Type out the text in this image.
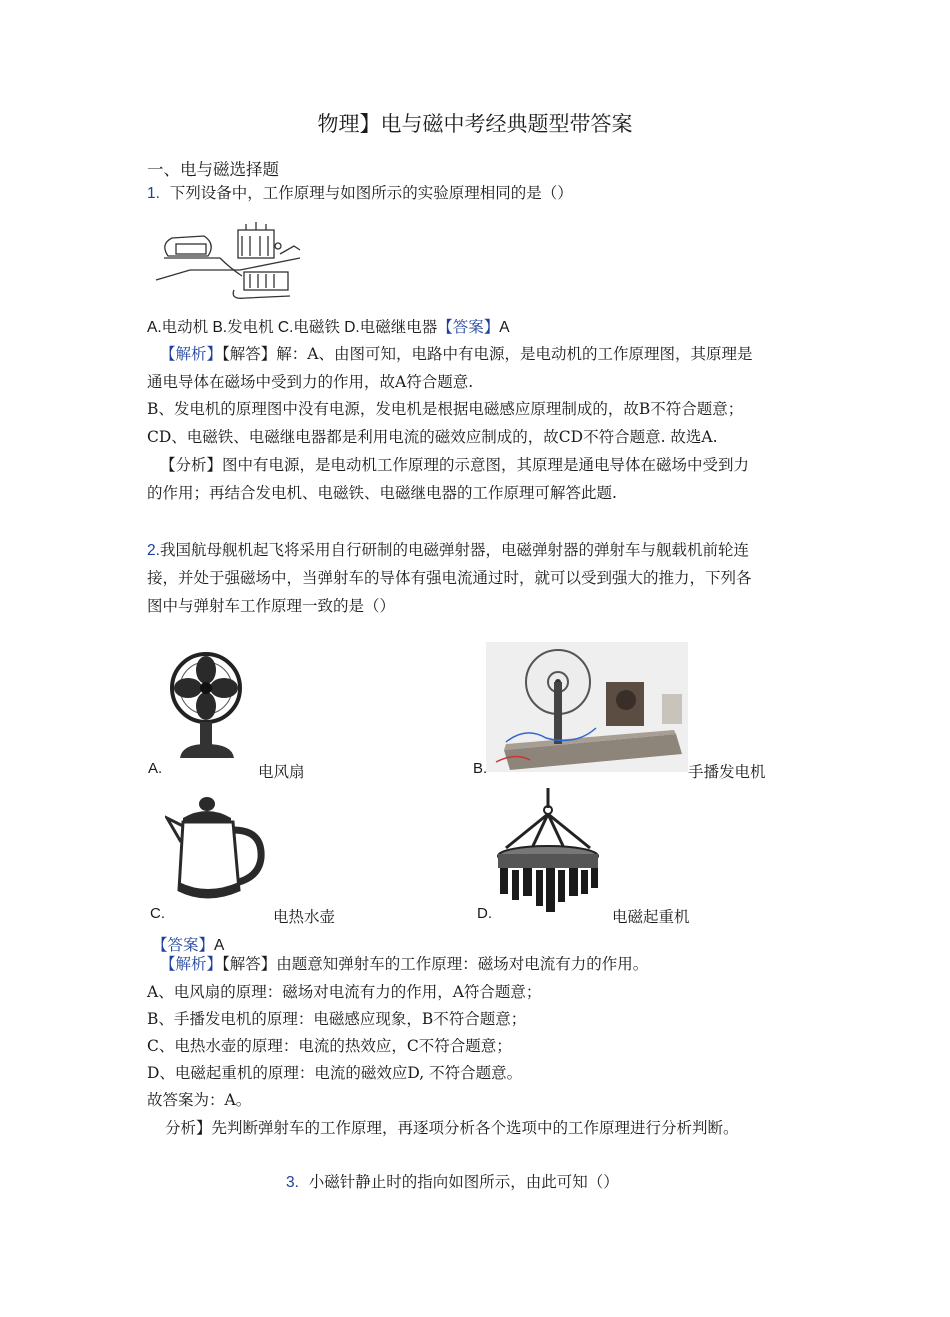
物理】电与磁中考经典题型带答案
一、电与磁选择题
1. 下列设备中，工作原理与如图所示的实验原理相同的是（）
A.电动机 B.发电机 C.电磁铁 D.电磁继电器【答案】A
【解析】【解答】解：A、由图可知，电路中有电源，是电动机的工作原理图，其原理是
通电导体在磁场中受到力的作用，故A符合题意.
B、发电机的原理图中没有电源，发电机是根据电磁感应原理制成的，故B不符合题意；
CD、电磁铁、电磁继电器都是利用电流的磁效应制成的，故CD不符合题意. 故选A.
【分析】图中有电源，是电动机工作原理的示意图，其原理是通电导体在磁场中受到力
的作用；再结合发电机、电磁铁、电磁继电器的工作原理可解答此题.
2.我国航母舰机起飞将采用自行研制的电磁弹射器，电磁弹射器的弹射车与舰载机前轮连
接，并处于强磁场中，当弹射车的导体有强电流通过时，就可以受到强大的推力，下列各
图中与弹射车工作原理一致的是（）
A.	电风扇	B.	手播发电机
C.	电热水壶	D.	电磁起重机
【答案】A
【解析】【解答】由题意知弹射车的工作原理：磁场对电流有力的作用。
A、电风扇的原理：磁场对电流有力的作用，A符合题意；
B、手播发电机的原理：电磁感应现象，B不符合题意；
C、电热水壶的原理：电流的热效应，C不符合题意；
D、电磁起重机的原理：电流的磁效应D, 不符合题意。
故答案为：A。
分析】先判断弹射车的工作原理，再逐项分析各个选项中的工作原理进行分析判断。
3. 小磁针静止时的指向如图所示，由此可知（）
